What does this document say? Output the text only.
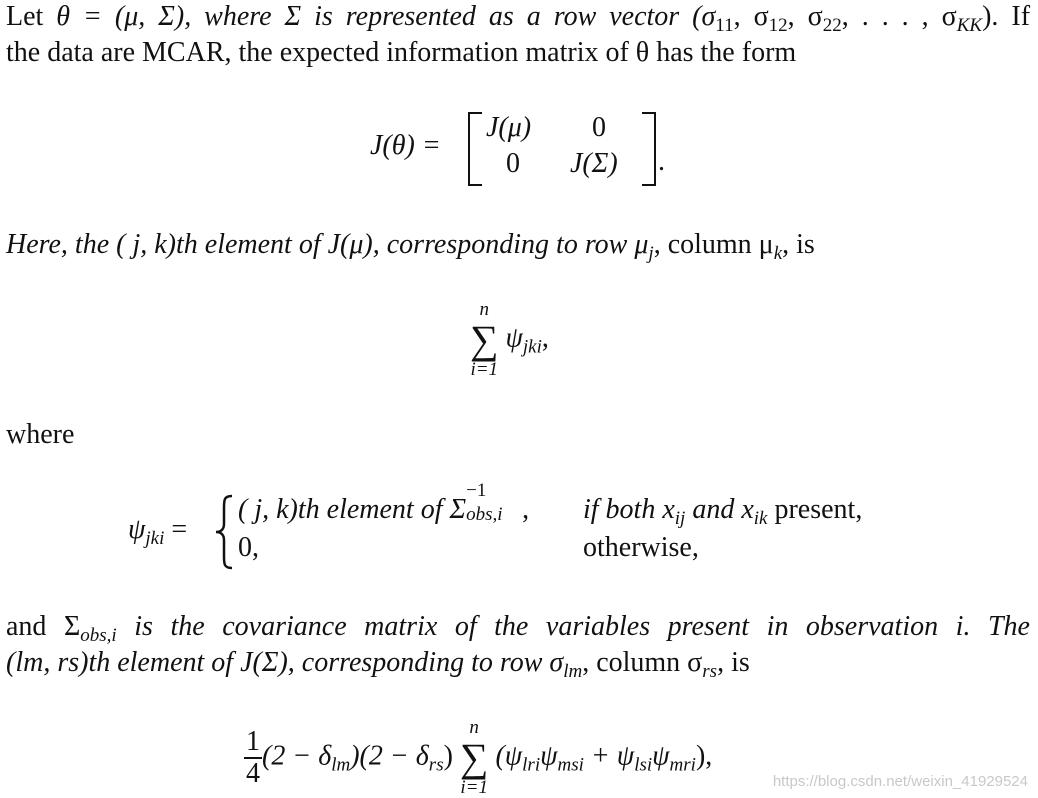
Let θ = (μ, Σ), where Σ is represented as a row vector ($\sigma_{11}$, $\sigma_{12}$, $\sigma_{22}$, . . . , $\sigma_{KK}$). If
the data are MCAR, the expected information matrix of θ has the form
J(θ) =
J(μ) 0
0 J(Σ) .
Here, the ( j, k)th element of J(μ), corresponding to row $\mu_j$, column $\mu_k$, is
n
∑
i=1
$\psi_{jki}$,
where
$\psi_{jki}$ =
( j, k)th element of Σ
−1
obs,i , if both $x_{ij}$ and $x_{ik}$ present,
0,	otherwise,
and $\Sigma_{obs,i}$ is the covariance matrix of the variables present in observation i. The
(lm, rs)th element of J(Σ), corresponding to row $\sigma_{lm}$, column $\sigma_{rs}$, is
$\frac{1}{4} (2 - \delta_{lm})(2 - \delta_{rs})$
n
∑
i=1
$(\psi_{lri}\psi_{msi} + \psi_{lsi}\psi_{mri})$,
https://blog.csdn.net/weixin_41929524
